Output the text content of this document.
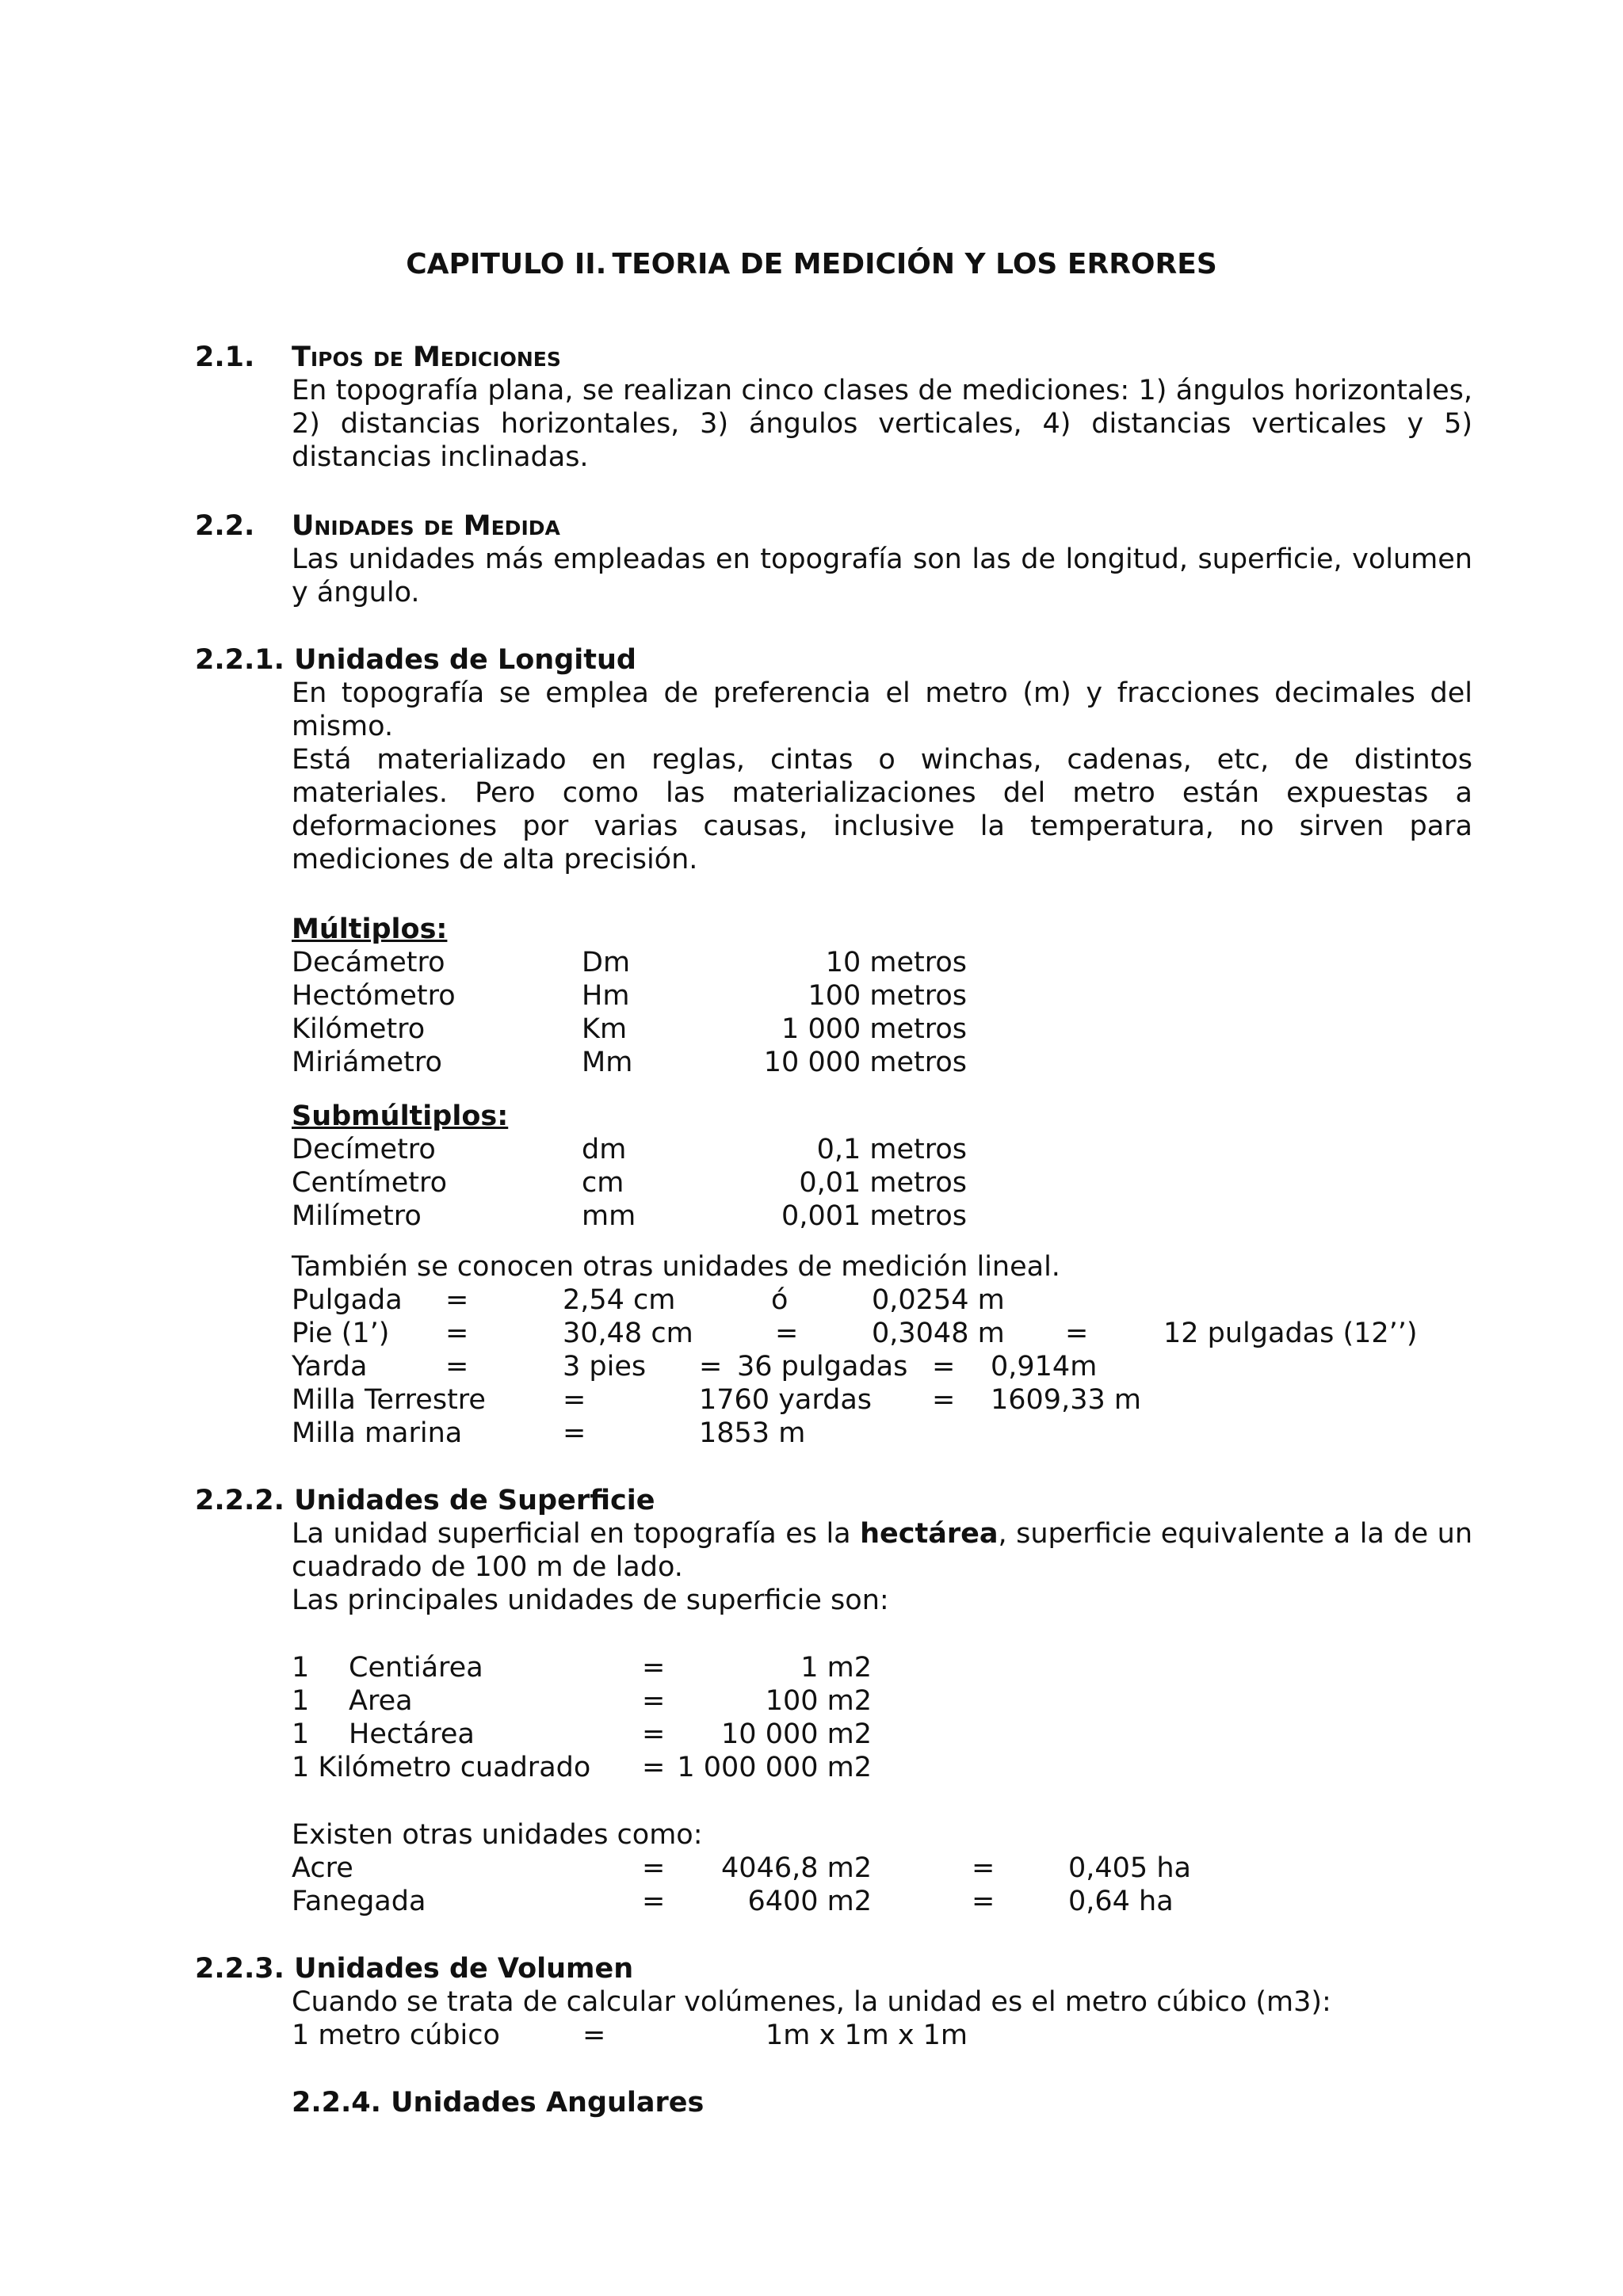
CAPITULO II. TEORIA DE MEDICIÓN Y LOS ERRORES
2.1. Tipos de Mediciones
En topografía plana, se realizan cinco clases de mediciones: 1) ángulos horizontales,
2) distancias horizontales, 3) ángulos verticales, 4) distancias verticales y 5)
distancias inclinadas.
2.2. Unidades de Medida
Las unidades más empleadas en topografía son las de longitud, superficie, volumen
y ángulo.
2.2.1. Unidades de Longitud
En topografía se emplea de preferencia el metro (m) y fracciones decimales del
mismo.
Está materializado en reglas, cintas o winchas, cadenas, etc, de distintos
materiales. Pero como las materializaciones del metro están expuestas a
deformaciones por varias causas, inclusive la temperatura, no sirven para
mediciones de alta precisión.
Múltiplos:
Decámetro	Dm	10 metros
Hectómetro	Hm	100 metros
Kilómetro	Km	1 000 metros
Miriámetro	Mm	10 000 metros
Submúltiplos:
Decímetro	dm	0,1 metros
Centímetro	cm	0,01 metros
Milímetro	mm	0,001 metros
También se conocen otras unidades de medición lineal.
Pulgada =	2,54 cm	ó	0,0254 m
Pie (1’) =	30,48 cm	=	0,3048 m =	12 pulgadas (12’’)
Yarda	=	3 pies = 36 pulgadas = 0,914m
Milla Terrestre	=	1760 yardas = 1609,33 m
Milla marina	=	1853 m
2.2.2. Unidades de Superficie
La unidad superficial en topografía es la hectárea, superficie equivalente a la de un
cuadrado de 100 m de lado.
Las principales unidades de superficie son:
1 Centiárea	=	1 m2
1 Area	=	100 m2
1 Hectárea	=	10 000 m2
1 Kilómetro cuadrado = 1 000 000 m2
Existen otras unidades como:
Acre	=	4046,8 m2	=	0,405 ha
Fanegada	=	6400 m2	=	0,64 ha
2.2.3. Unidades de Volumen
Cuando se trata de calcular volúmenes, la unidad es el metro cúbico (m3):
1 metro cúbico	=	1m x 1m x 1m
2.2.4. Unidades Angulares
